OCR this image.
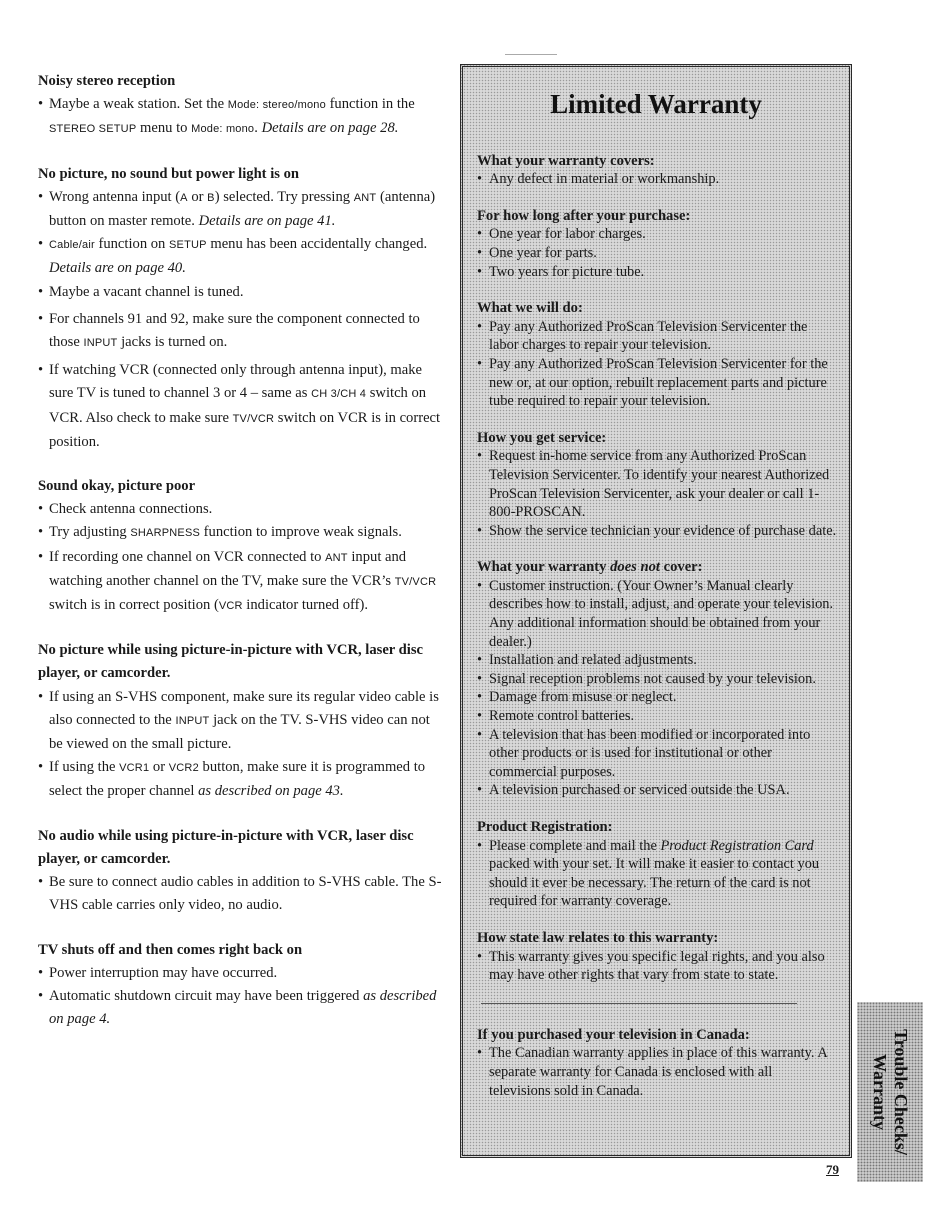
Noisy stereo reception
• Maybe a weak station. Set the Mode: stereo/mono function in the STEREO SETUP menu to Mode: mono. Details are on page 28.
No picture, no sound but power light is on
• Wrong antenna input (A or B) selected. Try pressing ANT (antenna) button on master remote. Details are on page 41.
• Cable/air function on SETUP menu has been accidentally changed. Details are on page 40.
• Maybe a vacant channel is tuned.
• For channels 91 and 92, make sure the component connected to those INPUT jacks is turned on.
• If watching VCR (connected only through antenna input), make sure TV is tuned to channel 3 or 4 – same as CH 3/CH 4 switch on VCR. Also check to make sure TV/VCR switch on VCR is in correct position.
Sound okay, picture poor
• Check antenna connections.
• Try adjusting SHARPNESS function to improve weak signals.
• If recording one channel on VCR connected to ANT input and watching another channel on the TV, make sure the VCR’s TV/VCR switch is in correct position (VCR indicator turned off).
No picture while using picture-in-picture with VCR, laser disc player, or camcorder.
• If using an S-VHS component, make sure its regular video cable is also connected to the INPUT jack on the TV. S-VHS video can not be viewed on the small picture.
• If using the VCR1 or VCR2 button, make sure it is programmed to select the proper channel as described on page 43.
No audio while using picture-in-picture with VCR, laser disc player, or camcorder.
• Be sure to connect audio cables in addition to S-VHS cable. The S-VHS cable carries only video, no audio.
TV shuts off and then comes right back on
• Power interruption may have occurred.
• Automatic shutdown circuit may have been triggered as described on page 4.
Limited Warranty
What your warranty covers:
• Any defect in material or workmanship.
For how long after your purchase:
• One year for labor charges.
• One year for parts.
• Two years for picture tube.
What we will do:
• Pay any Authorized ProScan Television Servicenter the labor charges to repair your television.
• Pay any Authorized ProScan Television Servicenter for the new or, at our option, rebuilt replacement parts and picture tube required to repair your television.
How you get service:
• Request in-home service from any Authorized ProScan Television Servicenter. To identify your nearest Authorized ProScan Television Servicenter, ask your dealer or call 1-800-PROSCAN.
• Show the service technician your evidence of purchase date.
What your warranty does not cover:
• Customer instruction. (Your Owner’s Manual clearly describes how to install, adjust, and operate your television. Any additional information should be obtained from your dealer.)
• Installation and related adjustments.
• Signal reception problems not caused by your television.
• Damage from misuse or neglect.
• Remote control batteries.
• A television that has been modified or incorporated into other products or is used for institutional or other commercial purposes.
• A television purchased or serviced outside the USA.
Product Registration:
• Please complete and mail the Product Registration Card packed with your set. It will make it easier to contact you should it ever be necessary. The return of the card is not required for warranty coverage.
How state law relates to this warranty:
• This warranty gives you specific legal rights, and you also may have other rights that vary from state to state.
If you purchased your television in Canada:
• The Canadian warranty applies in place of this warranty. A separate warranty for Canada is enclosed with all televisions sold in Canada.	Trouble Checks/
Warranty
79
